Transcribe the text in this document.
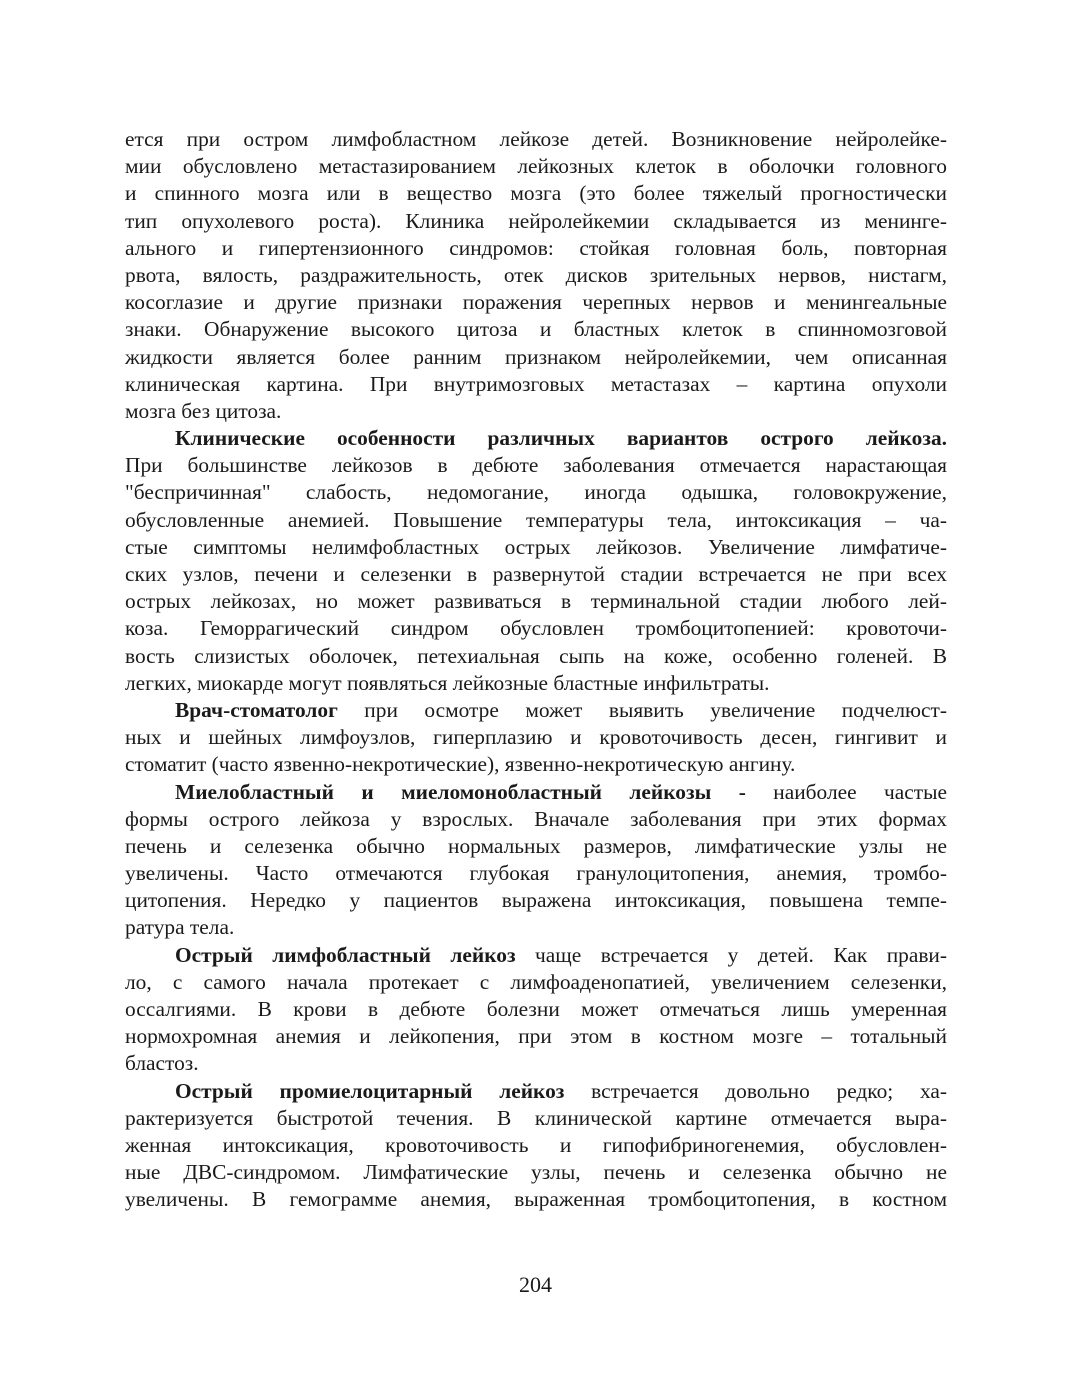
ется при остром лимфобластном лейкозе детей. Возникновение нейролейке-
мии обусловлено метастазированием лейкозных клеток в оболочки головного
и спинного мозга или в вещество мозга (это более тяжелый прогностически
тип опухолевого роста). Клиника нейролейкемии складывается из менинге-
ального и гипертензионного синдромов: стойкая головная боль, повторная
рвота, вялость, раздражительность, отек дисков зрительных нервов, нистагм,
косоглазие и другие признаки поражения черепных нервов и менингеальные
знаки. Обнаружение высокого цитоза и бластных клеток в спинномозговой
жидкости является более ранним признаком нейролейкемии, чем описанная
клиническая картина. При внутримозговых метастазах – картина опухоли
мозга без цитоза.
Клинические особенности различных вариантов острого лейкоза.
При большинстве лейкозов в дебюте заболевания отмечается нарастающая
"беспричинная" слабость, недомогание, иногда одышка, головокружение,
обусловленные анемией. Повышение температуры тела, интоксикация – ча-
стые симптомы нелимфобластных острых лейкозов. Увеличение лимфатиче-
ских узлов, печени и селезенки в развернутой стадии встречается не при всех
острых лейкозах, но может развиваться в терминальной стадии любого лей-
коза. Геморрагический синдром обусловлен тромбоцитопенией: кровоточи-
вость слизистых оболочек, петехиальная сыпь на коже, особенно голеней. В
легких, миокарде могут появляться лейкозные бластные инфильтраты.
Врач-стоматолог при осмотре может выявить увеличение подчелюст-
ных и шейных лимфоузлов, гиперплазию и кровоточивость десен, гингивит и
стоматит (часто язвенно-некротические), язвенно-некротическую ангину.
Миелобластный и миеломонобластный лейкозы - наиболее частые
формы острого лейкоза у взрослых. Вначале заболевания при этих формах
печень и селезенка обычно нормальных размеров, лимфатические узлы не
увеличены. Часто отмечаются глубокая гранулоцитопения, анемия, тромбо-
цитопения. Нередко у пациентов выражена интоксикация, повышена темпе-
ратура тела.
Острый лимфобластный лейкоз чаще встречается у детей. Как прави-
ло, с самого начала протекает с лимфоаденопатией, увеличением селезенки,
оссалгиями. В крови в дебюте болезни может отмечаться лишь умеренная
нормохромная анемия и лейкопения, при этом в костном мозге – тотальный
бластоз.
Острый промиелоцитарный лейкоз встречается довольно редко; ха-
рактеризуется быстротой течения. В клинической картине отмечается выра-
женная интоксикация, кровоточивость и гипофибриногенемия, обусловлен-
ные ДВС-синдромом. Лимфатические узлы, печень и селезенка обычно не
увеличены. В гемограмме анемия, выраженная тромбоцитопения, в костном
204
